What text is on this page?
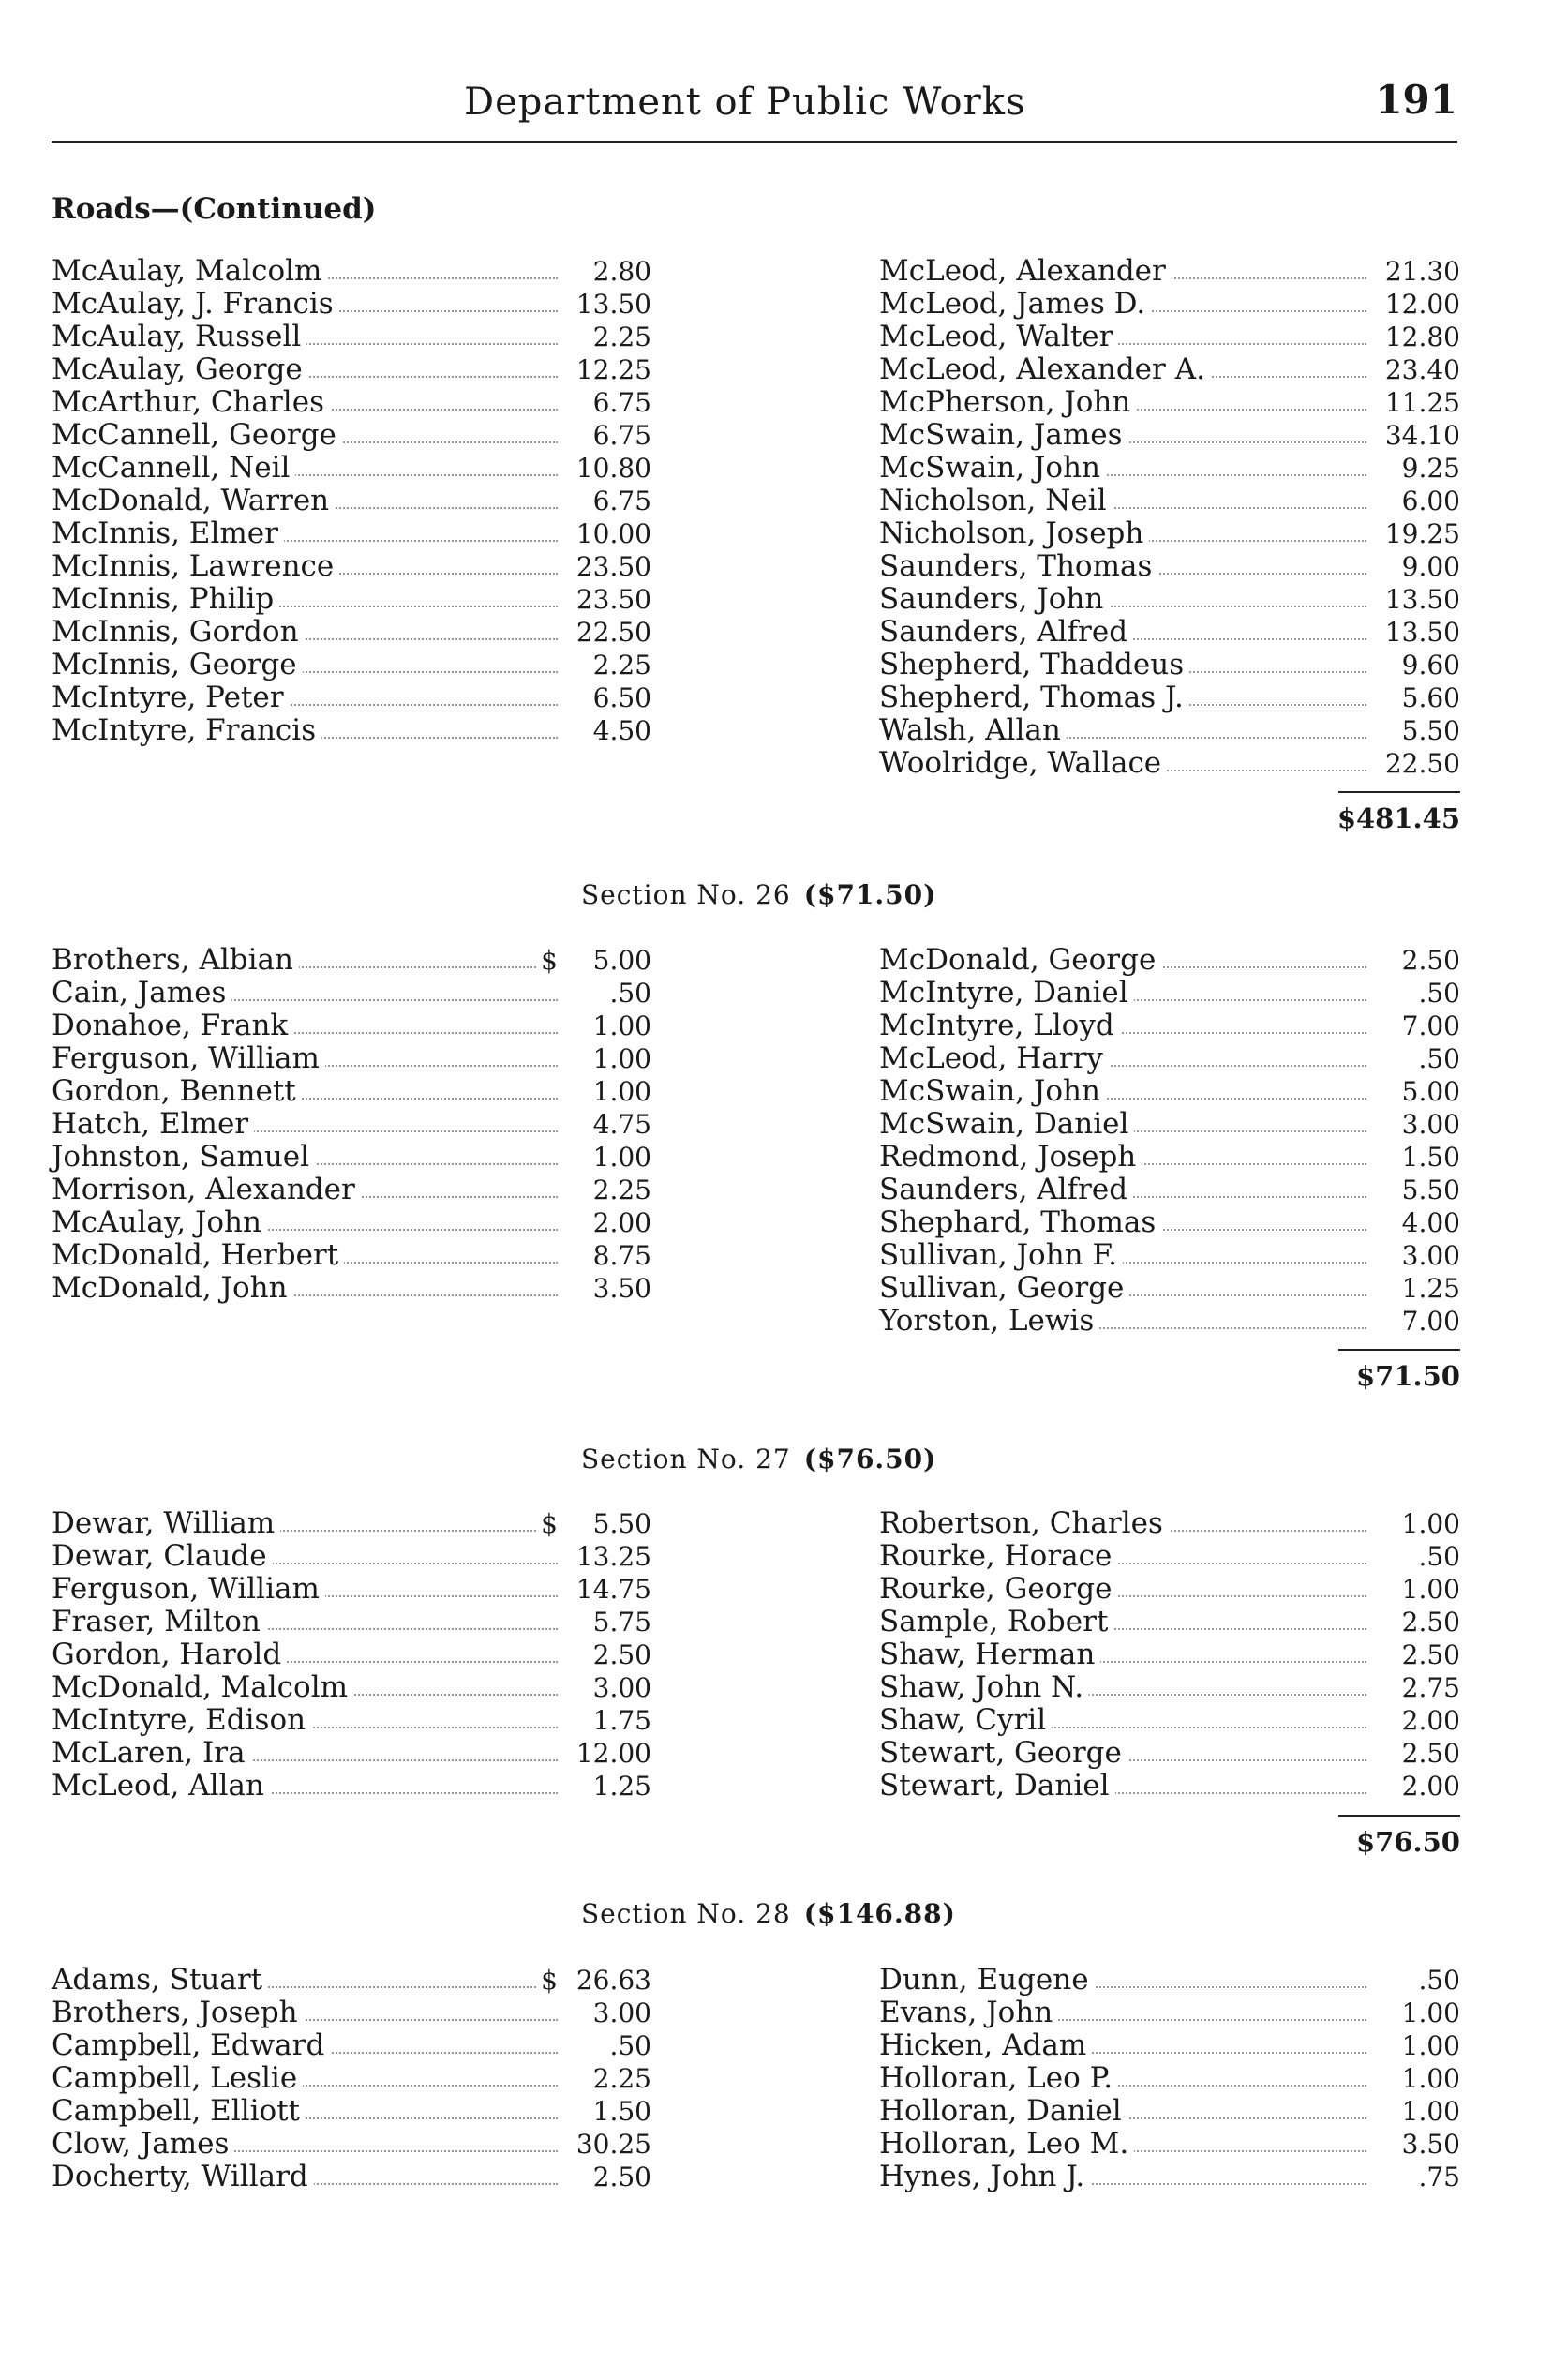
Department of Public Works	191
Roads—(Continued)
McAulay, Malcolm	2.80
McAulay, J. Francis	13.50
McAulay, Russell	2.25
McAulay, George	12.25
McArthur, Charles	6.75
McCannell, George	6.75
McCannell, Neil	10.80
McDonald, Warren	6.75
McInnis, Elmer	10.00
McInnis, Lawrence	23.50
McInnis, Philip	23.50
McInnis, Gordon	22.50
McInnis, George	2.25
McIntyre, Peter	6.50
McIntyre, Francis	4.50
McLeod, Alexander	21.30
McLeod, James D.	12.00
McLeod, Walter	12.80
McLeod, Alexander A.	23.40
McPherson, John	11.25
McSwain, James	34.10
McSwain, John	9.25
Nicholson, Neil	6.00
Nicholson, Joseph	19.25
Saunders, Thomas	9.00
Saunders, John	13.50
Saunders, Alfred	13.50
Shepherd, Thaddeus	9.60
Shepherd, Thomas J.	5.60
Walsh, Allan	5.50
Woolridge, Wallace	22.50
$481.45
Section No. 26 ($71.50)
Brothers, Albian	$	5.00
Cain, James	.50
Donahoe, Frank	1.00
Ferguson, William	1.00
Gordon, Bennett	1.00
Hatch, Elmer	4.75
Johnston, Samuel	1.00
Morrison, Alexander	2.25
McAulay, John	2.00
McDonald, Herbert	8.75
McDonald, John	3.50
McDonald, George	2.50
McIntyre, Daniel	.50
McIntyre, Lloyd	7.00
McLeod, Harry	.50
McSwain, John	5.00
McSwain, Daniel	3.00
Redmond, Joseph	1.50
Saunders, Alfred	5.50
Shephard, Thomas	4.00
Sullivan, John F.	3.00
Sullivan, George	1.25
Yorston, Lewis	7.00
$71.50
Section No. 27 ($76.50)
Dewar, William	$	5.50
Dewar, Claude	13.25
Ferguson, William	14.75
Fraser, Milton	5.75
Gordon, Harold	2.50
McDonald, Malcolm	3.00
McIntyre, Edison	1.75
McLaren, Ira	12.00
McLeod, Allan	1.25
Robertson, Charles	1.00
Rourke, Horace	.50
Rourke, George	1.00
Sample, Robert	2.50
Shaw, Herman	2.50
Shaw, John N.	2.75
Shaw, Cyril	2.00
Stewart, George	2.50
Stewart, Daniel	2.00
$76.50
Section No. 28 ($146.88)
Adams, Stuart	$ 26.63
Brothers, Joseph	3.00
Campbell, Edward	.50
Campbell, Leslie	2.25
Campbell, Elliott	1.50
Clow, James	30.25
Docherty, Willard	2.50
Dunn, Eugene	.50
Evans, John	1.00
Hicken, Adam	1.00
Holloran, Leo P.	1.00
Holloran, Daniel	1.00
Holloran, Leo M.	3.50
Hynes, John J.	.75
